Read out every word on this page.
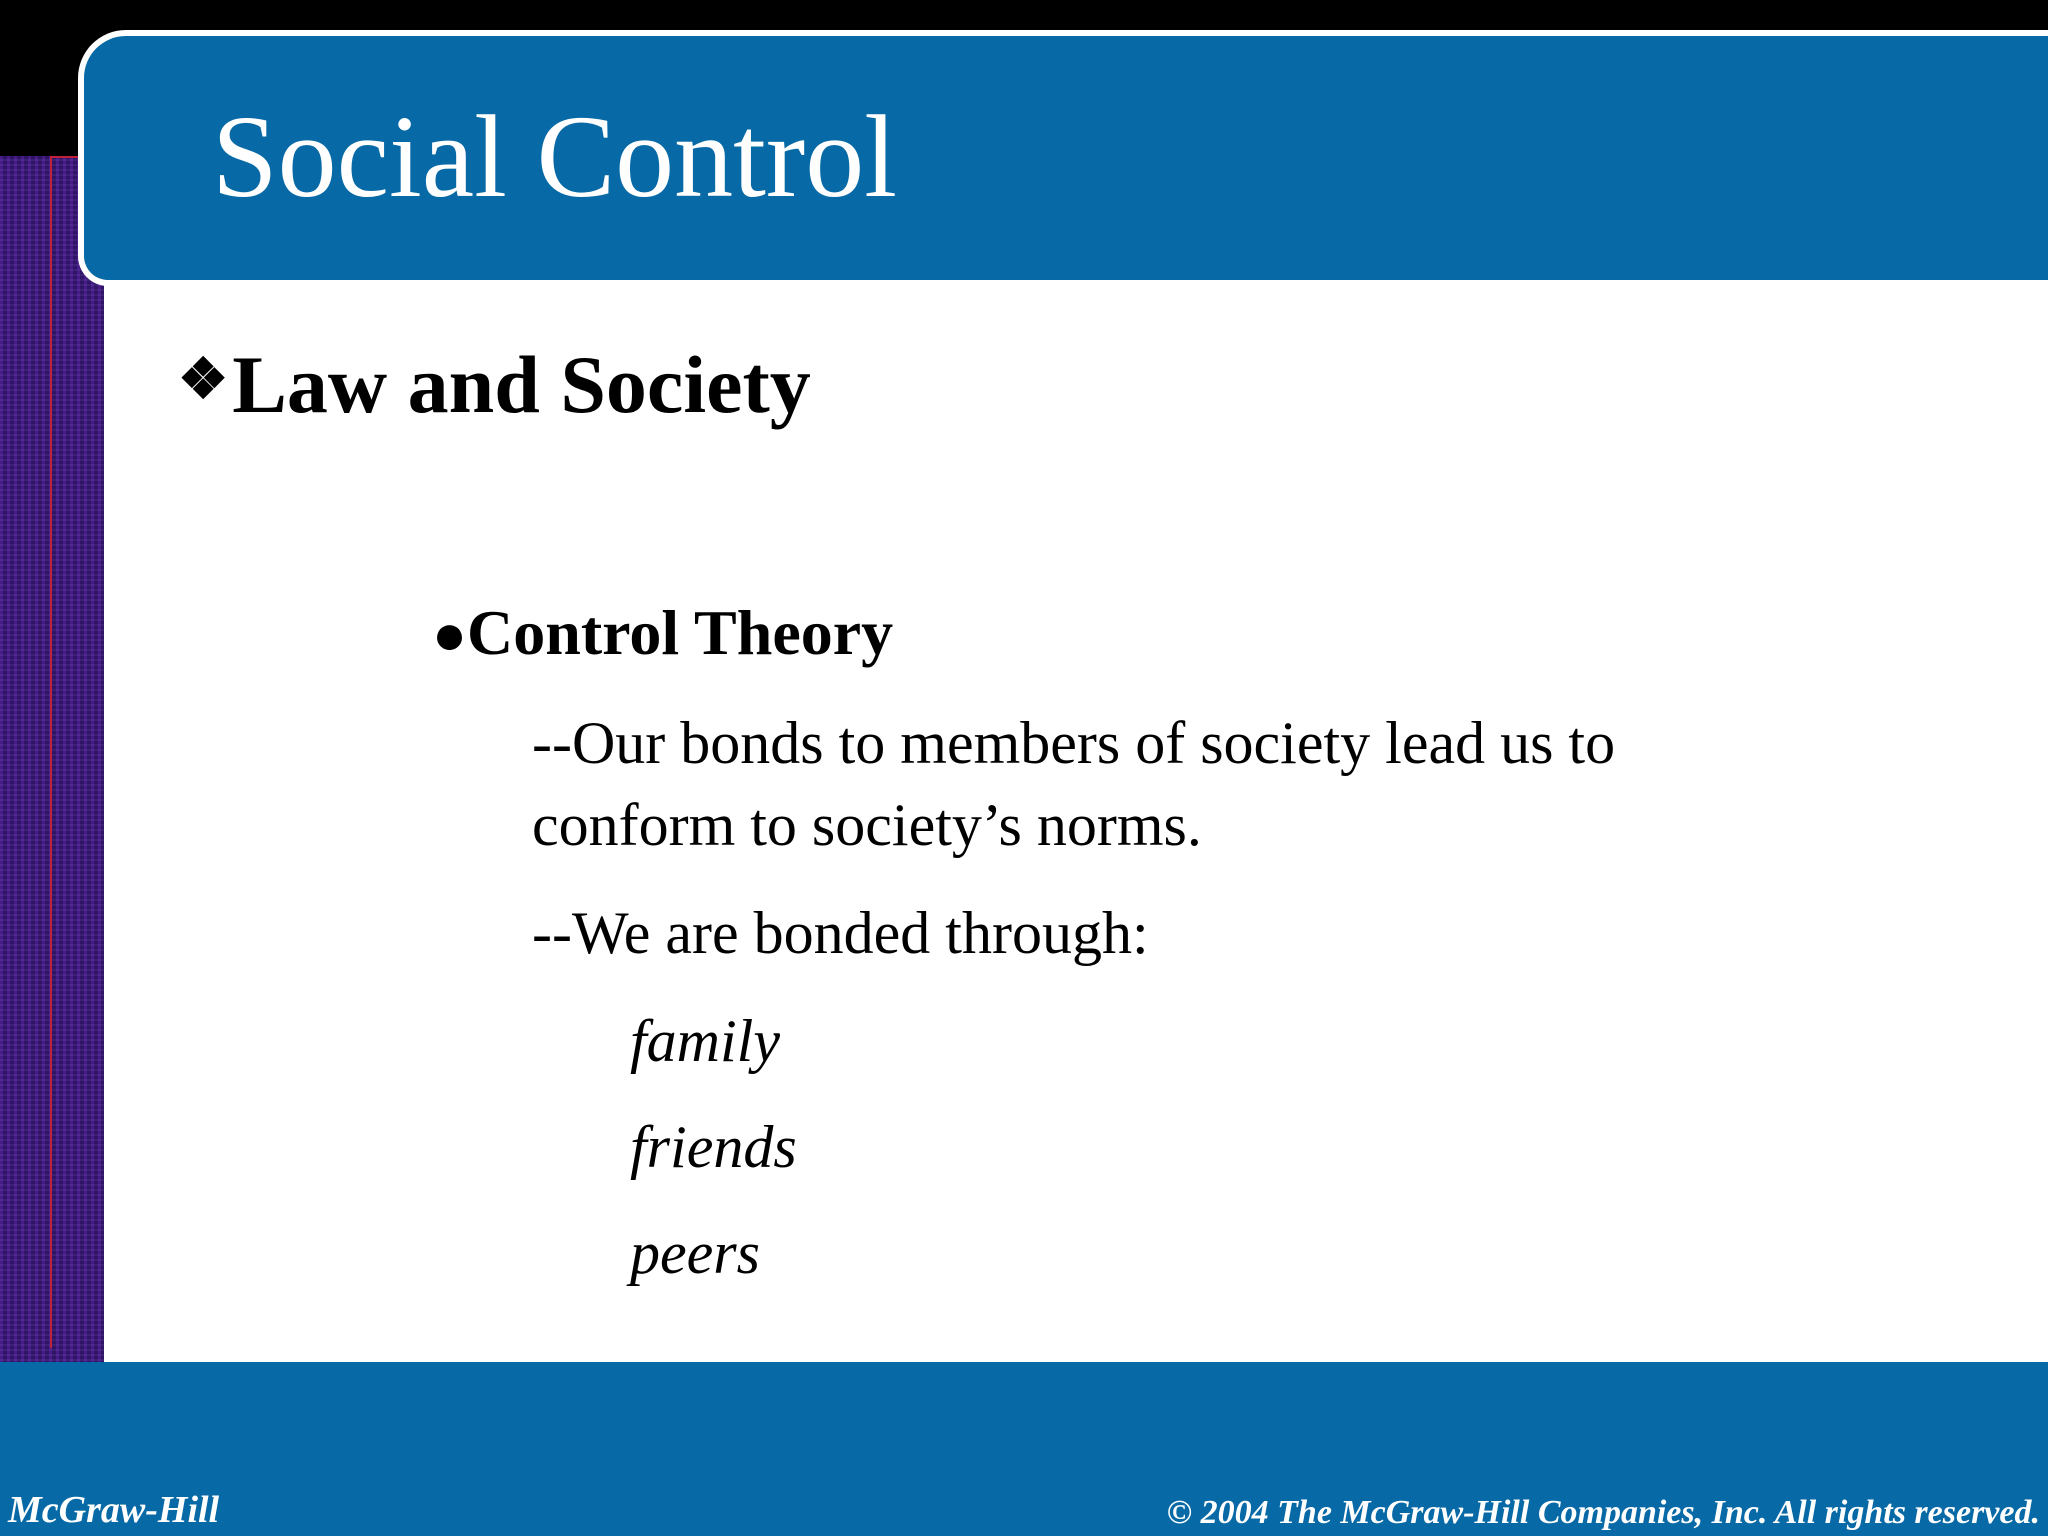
Social Control
❖Law and Society
●Control Theory
--Our bonds to members of society lead us to
conform to society’s norms.
--We are bonded through:
family
friends
peers
McGraw-Hill	© 2004 The McGraw-Hill Companies, Inc. All rights reserved.
